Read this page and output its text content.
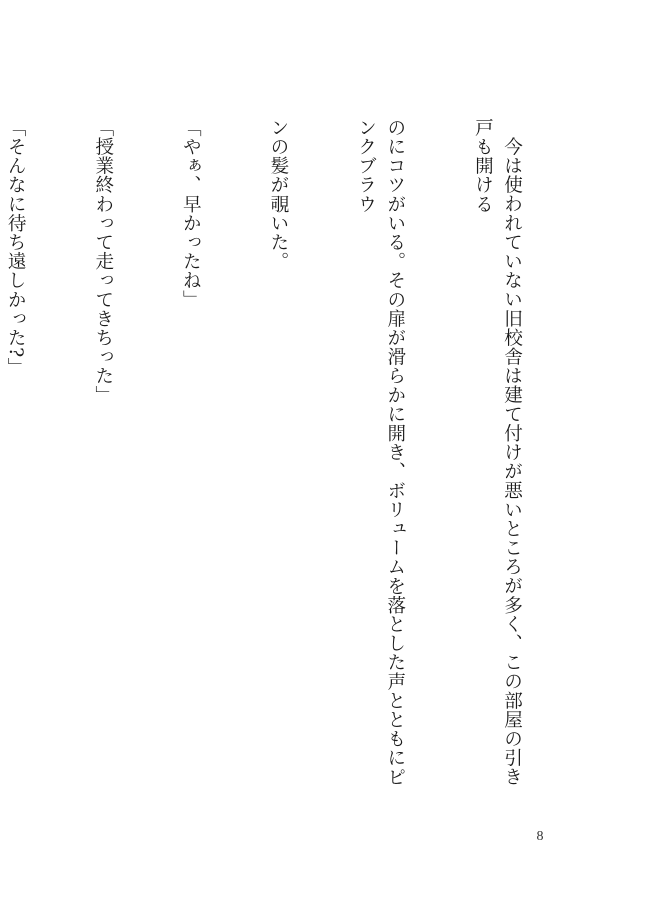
今は使われていない旧校舎は建て付けが悪いところが多く、この部屋の引き戸も開ける

のにコツがいる。その扉が滑らかに開き、ボリュームを落とした声とともにピンクブラウ

ンの髪が覗いた。

「やぁ、早かったね」

「授業終わって走ってきちった」

「そんなに待ち遠しかった?」

8
